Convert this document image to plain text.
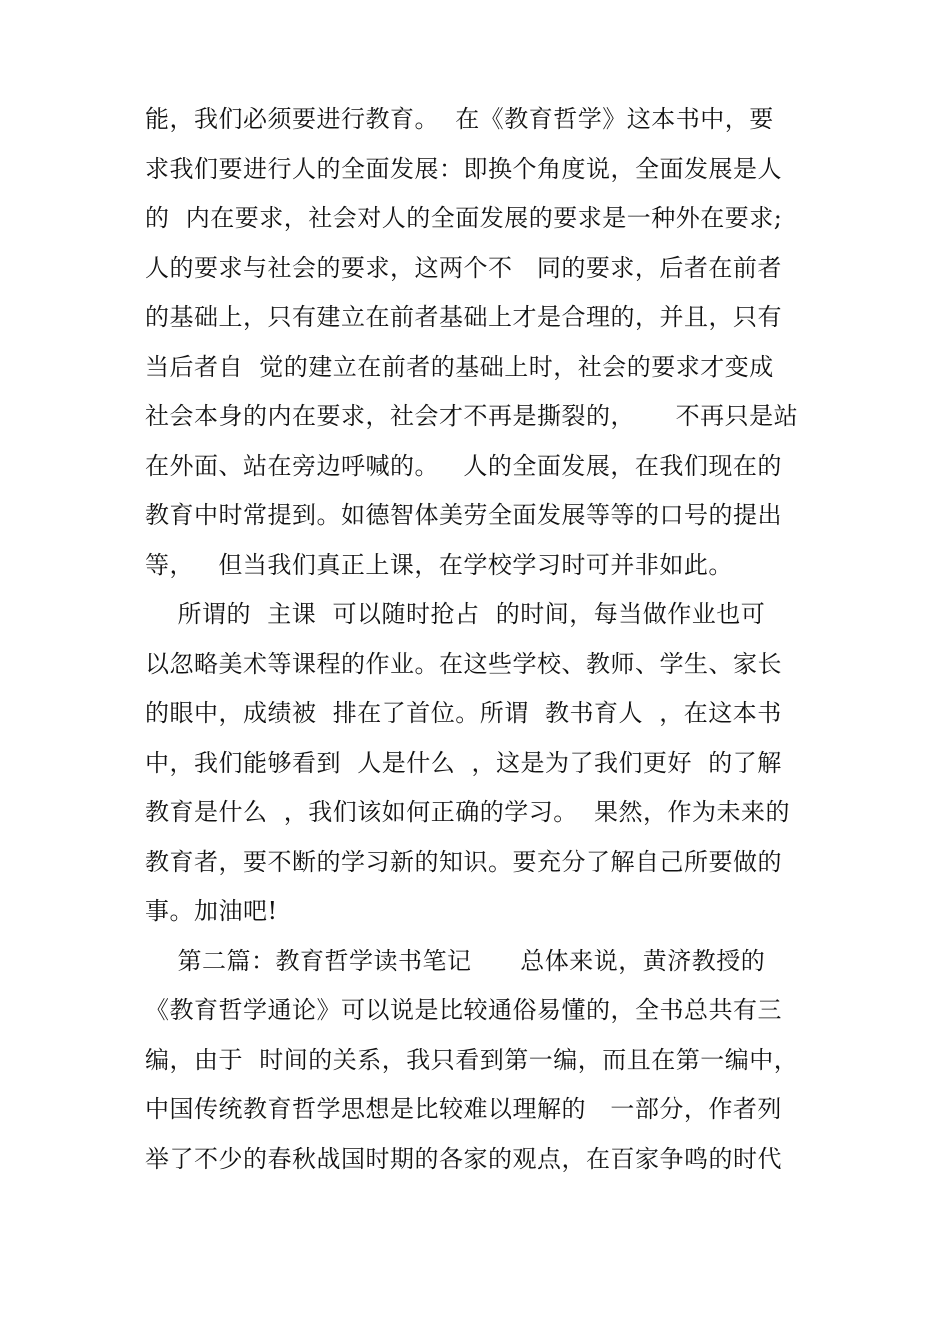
能，我们必须要进行教育。  在《教育哲学》这本书中，要
求我们要进行人的全面发展：即换个角度说，全面发展是人
的  内在要求，社会对人的全面发展的要求是一种外在要求;
人的要求与社会的要求，这两个不   同的要求，后者在前者
的基础上，只有建立在前者基础上才是合理的，并且，只有
当后者自  觉的建立在前者的基础上时，社会的要求才变成
社会本身的内在要求，社会才不再是撕裂的，     不再只是站
在外面、站在旁边呼喊的。   人的全面发展，在我们现在的
教育中时常提到。如德智体美劳全面发展等等的口号的提出
等，   但当我们真正上课，在学校学习时可并非如此。
所谓的  主课  可以随时抢占  的时间，每当做作业也可
以忽略美术等课程的作业。在这些学校、教师、学生、家长
的眼中，成绩被  排在了首位。所谓  教书育人  ，在这本书
中，我们能够看到  人是什么  ，这是为了我们更好  的了解
教育是什么  ，我们该如何正确的学习。  果然，作为未来的
教育者，要不断的学习新的知识。要充分了解自己所要做的
事。加油吧!
第二篇：教育哲学读书笔记      总体来说，黄济教授的
《教育哲学通论》可以说是比较通俗易懂的，全书总共有三
编，由于  时间的关系，我只看到第一编，而且在第一编中，
中国传统教育哲学思想是比较难以理解的   一部分，作者列
举了不少的春秋战国时期的各家的观点，在百家争鸣的时代
